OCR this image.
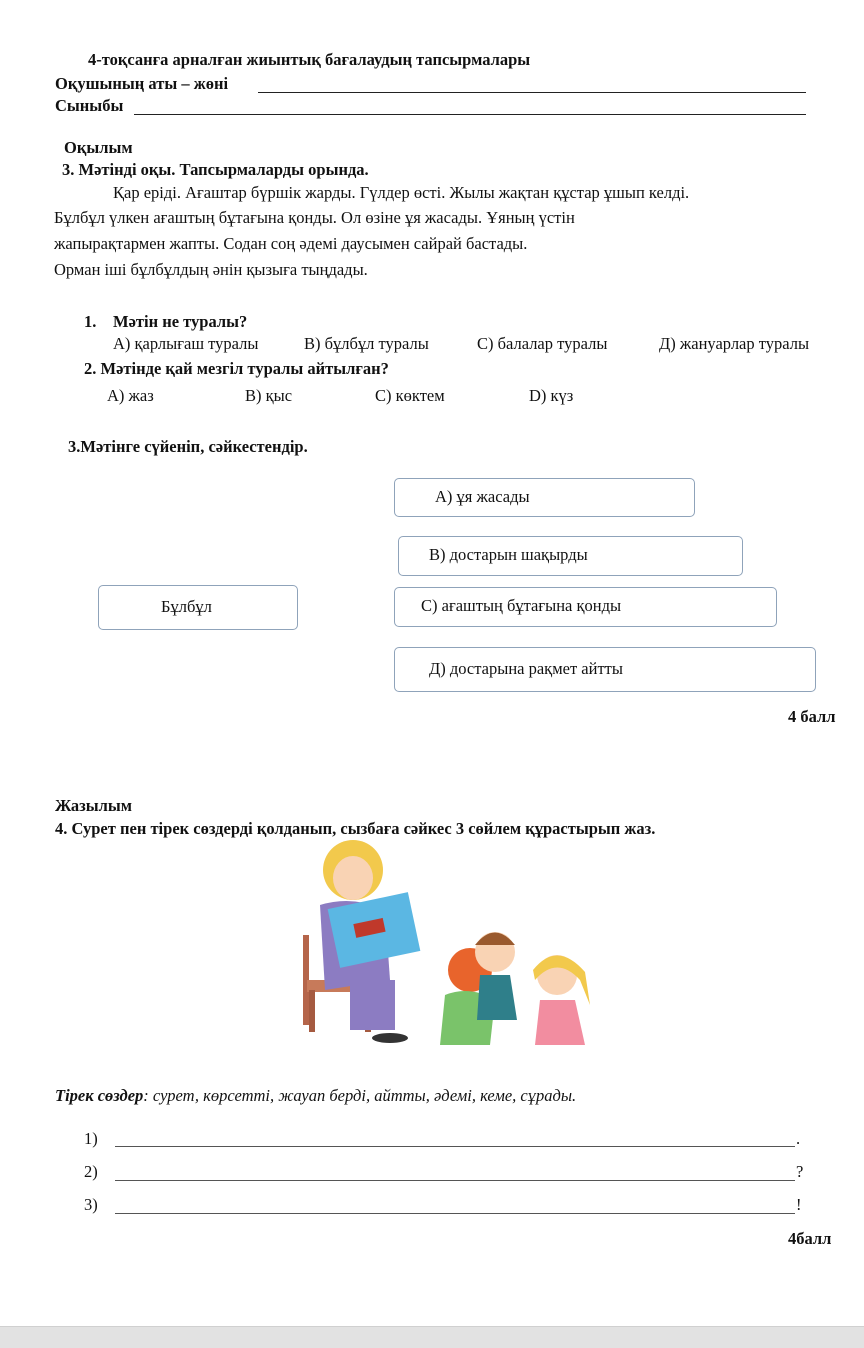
4-тоқсанға арналған жиынтық бағалаудың тапсырмалары
Оқушының аты – жөні
Сыныбы
Оқылым
3. Мәтінді оқы. Тапсырмаларды орында.
Қар еріді. Ағаштар бүршік жарды. Гүлдер өсті. Жылы жақтан құстар ұшып келді.
Бұлбұл үлкен ағаштың бұтағына қонды. Ол өзіне ұя жасады. Ұяның үстін
жапырақтармен жапты. Содан соң әдемі даусымен сайрай бастады.
Орман іші бұлбұлдың әнін қызыға тыңдады.
1. Мәтін не туралы?
А) қарлығаш туралы	В) бұлбұл туралы	С) балалар туралы	Д) жануарлар туралы
2. Мәтінде қай мезгіл туралы айтылған?
А) жаз	В) қыс	С) көктем	D) күз
3.Мәтінге сүйеніп, сәйкестендір.
А) ұя жасады
В) достарын шақырды
Бұлбұл	С) ағаштың бұтағына қонды
Д) достарына рақмет айтты
4 балл
Жазылым
4. Сурет пен тірек сөздерді қолданып, сызбаға сәйкес 3 сөйлем құрастырып жаз.
Тірек сөздер: сурет, көрсетті, жауап берді, айтты, әдемі, кеме, сұрады.
1)	.
2)	?
3)	!
4балл
